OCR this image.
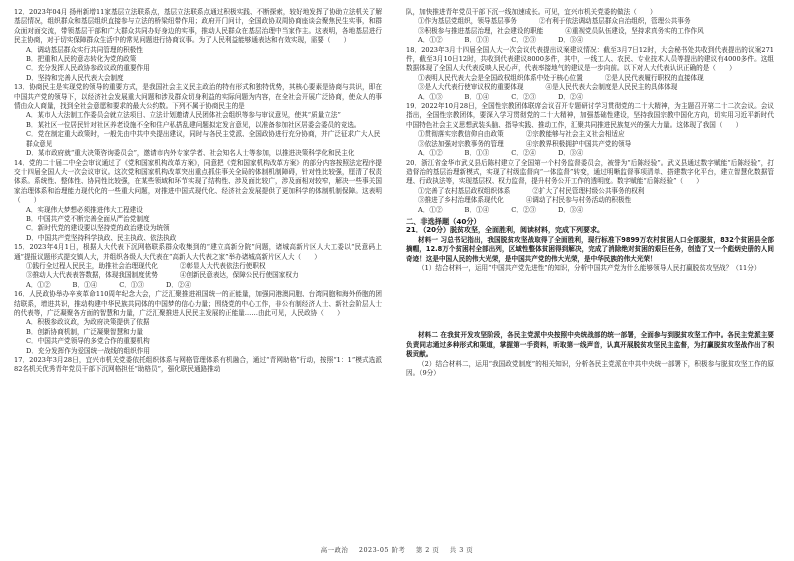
12．2023年04月 扬州新增11家基层立法联系点，基层立法联系点通过积极实践、不断探索，较好地发挥了协助立法机关了解基层情况，组织群众和基层组织直接参与立法的桥梁纽带作用；政府开门问计，全国政协双周协商座谈会聚焦民生实事，和群众面对面交流，带领基层干部和广大群众共同办好身边的实事，推动人民群众在基层治理中当家作主。这表明，各地基层进行民主协商，对于切实保障群众生活中的常见问题进行协商议事。为了人民利益能够通表达和有效实现，需要（　　）
A．调动基层群众实行共同管理的积极性
B．把重和人民的意志转化为党的政策
C．充分发挥人民政协参政议政的重要作用
D．坚持和完善人民代表大会制度
13．协商民主是实现党的领导的重要方式，是我国社会主义民主政治的特有形式和独特优势，其核心要素是协商与共识，即在中国共产党的领导下，以经济社会发展重大问题和涉及群众切身利益的实际问题为内容，在全社会开展广泛协商，使众人的事情由众人商量，找到全社会意愿和要求的最大公约数。下列不属于协商民主的是
A．某市人大法制工作委员会就立法项目、立法计划邀请人民团体社会组织等参与审议意见，使其“质量立法”
B．某社区一位居民针对社区养老设施不全和住户私搭乱建问题拟定发言意见，以准备参加社区居委会委员的竞选。
C．党在制定重大政策时，一般先由中共中央提出建议，同时与各民主党派、全国政协进行充分协商，并广泛征求广大人民群众意见
D．某市政府就“重大决策咨询委员会”，邀请市内外专家学者、社会知名人士等参加，以推进决策科学化和民主化
14．党的二十届二中全会审议通过了《党和国家机构改革方案》，同意把《党和国家机构改革方案》的部分内容按照法定程序提交十四届全国人大一次会议审议。这次党和国家机构改革突出重点抓住事关全局的体制机制障碍，针对性比较强，厘清了权责体系。系统性、整体性、协同性比较强，在某些领域和环节实现了结构性、涉及面比较广，涉及面相对较窄，解决一些事关国家治理体系和治理能力现代化的一些重大问题，对推进中国式现代化、经济社会发展提供了更加科学的体制机制保障。这表明（　　）
A．实现伟大梦想必须推进伟大工程建设
B．中国共产党不断完善全面从严治党制度
C．新时代党的建设要以坚持党的政治建设为统领
D．中国共产党坚持科学执政、民主执政、依法执政
15．2023年4月1日，根据人大代表下沉网格联系群众收集到的“建立高新分院”问题，诸城高新片区人大工委以“民意码上通”提报议题形式提交镇人大，并组织各级人大代表在“高新人大代表之家”举办诸城高新片区人大（　　）
①践行全过程人民民主，助推社会治理现代化	②彰显人大代表依法行使职权
③推动人大代表表答数据，体现我国制度优势	④创新民意表达，保障公民行使国家权力
A．①②	B．①④	C．①③	D．②④
16．人民政协举办辛亥革命110周年纪念大会，广泛汇聚推进祖国统一的正能量，加强同港澳同胞、台湾同胞和海外侨胞的团结联系，增进共识，推动构建中华民族共同体的中国梦的信心力量；围绕党的中心工作，非公有制经济人士、新社会阶层人士的代表等，广泛凝聚各方面的智慧和力量，广泛汇聚推进人民民主发展的正能量……由此可见，人民政协（　　）
A．积极参政议政，为政府决策提供了依据
B．创新协商机制，广泛凝聚智慧和力量
C．中国共产党领导的多党合作的重要机构
D．充分发挥作为爱国统一战线的组织作用
17．2023年3月28日，宜兴市机关党委依托组织体系与网格管理体系有机融合，通过“青网助格”行动，按照“1：1”模式选派82名机关优秀青年党员干部下沉网格担任“助格员”，强化联民通路推动
队，加快推进青年党员干部下沉一线加速成长。可见，宜兴市机关党委的做法（　　）
①作为基层党组织，领导基层事务	②有利于依法调动基层群众自治组织，管理公共事务
③积极参与推进基层治理，社会建设的职能	④重视党员队伍建设，坚持求真务实的工作作风
A．①②	B．①③	C．②③	D．③④
18．2023年3月十四届全国人大一次会议代表提出议案建议情况：截至3月7日12时，大会秘书处共收到代表提出的议案271件，截至3月10日12时，共收到代表建议8000多件，其中，一线工人、农民、专业技术人员等提出的建议有4000多件。这组数据体现了全国人大代表反映人民心声，代表率接地气的建议是一步向前。以下对人大代表认识正确的是（　　）
①表明人民代表大会是全国政权组织体系中处于核心位置	②是人民代表履行职权的直接体现
③是人大代表行使审议权的重要体现	④是人民代表大会制度是人民民主的具体体现
A．①③	B．①④	C．②③	D．②④
19．2022年10月28日，全国性宗教团体联席会议召开专题研讨学习贯彻党的二十大精神，为主题召开第二十二次会议。会议指出，全国性宗教团体，要深入学习贯彻党的二十大精神，加强基础性建设，坚持我国宗教中国化方向，切实用习近平新时代中国特色社会主义思想武装头脑、指导实践、推动工作，汇聚共同推进民族复兴的强大力量。这体现了我国（　　）
①贯彻落实宗教信仰自由政策	②宗教能够与社会主义社会相适应
③依法加强对宗教事务的管理	④宗教界积极拥护中国共产党的领导
A．①②	B．①③	C．②④	D．③④
20．浙江省金华市武义县后陈村建立了全国第一个村务监督委员会，被誉为“后陈经验”。武义县通过数字赋能“后陈经验”，打造督治的基层治理新模式，实现了村级监督向“一体监督”转变，通过明晰监督事项清单、搭建数字化平台，建立智慧化数据管理、行政执法等，实现基层权、权力监督，提升村务公开工作的透明度。数字赋能“后陈经验”（　　）
①完善了农村基层政权组织体系	②扩大了村民管理村级公共事务的权利
③推进了乡村治理体系现代化	④调动了村民参与村务活动的积极性
A．①②	B．①④	C．②③	D．③④
二、非选择题（40分）
21．（20分）脱贫攻坚，全面胜利，阅读材料，完成下列要求。
材料一 习总书记指出，我国脱贫攻坚战取得了全面胜利，现行标准下9899万农村贫困人口全部脱贫，832个贫困县全部摘帽，12.8万个贫困村全部出列，区域性整体贫困得到解决，完成了消除绝对贫困的艰巨任务，创造了又一个彪炳史册的人间奇迹！这是中国人民的伟大光荣，是中国共产党的伟大光荣，是中华民族的伟大光荣！
（1）结合材料一，运用“中国共产党先进性”的知识，分析中国共产党为什么能够领导人民打赢脱贫攻坚战？（11分）
材料二 在我贫开发攻坚阶段，各民主党派中央按照中央统战部的统一部署，全面参与到脱贫攻坚工作中。各民主党派主要负责同志通过多种形式和渠道，掌握第一手资料，听取第一线声音，认真开展脱贫攻坚民主监督，为打赢脱贫攻坚战作出了积极贡献。
（2）结合材料二，运用“我国政党制度”的相关知识，分析各民主党派在中共中央统一部署下，积极参与脱贫攻坚工作的原因。（9分）
高一政治 2023-05 阶考 第 2 页 共 3 页
